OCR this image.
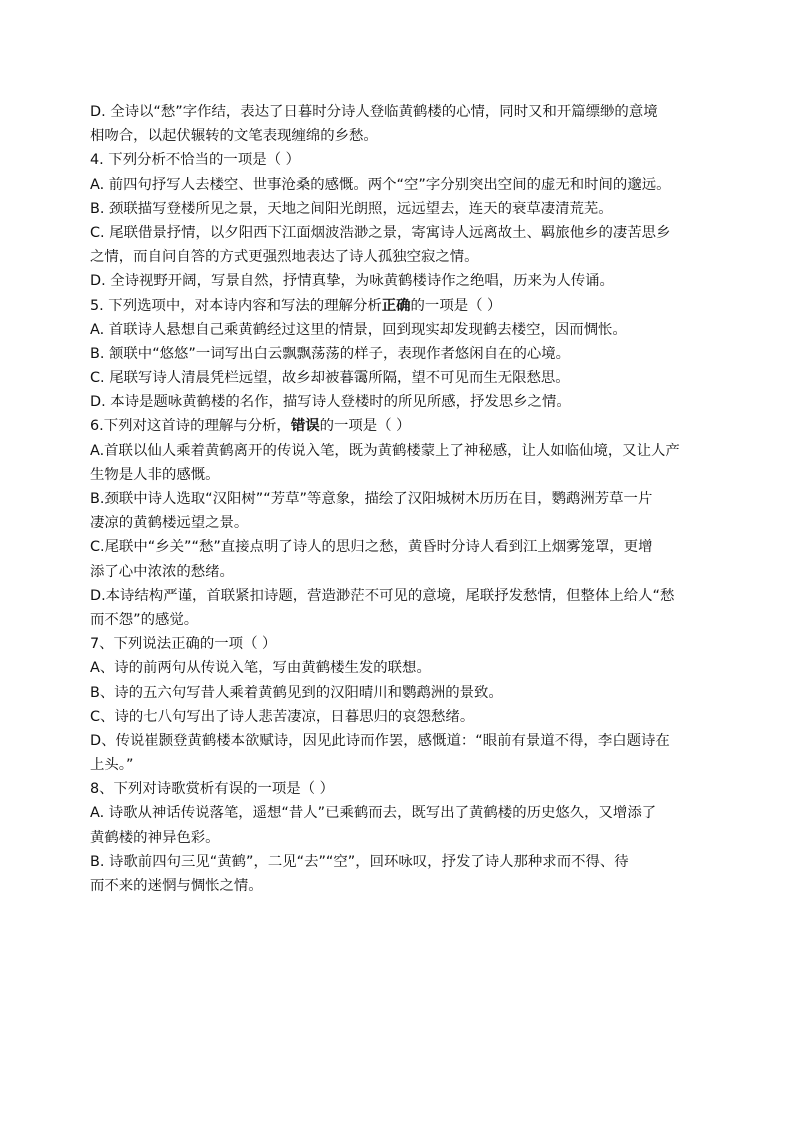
D. 全诗以“愁”字作结，表达了日暮时分诗人登临黄鹤楼的心情，同时又和开篇缥缈的意境
相吻合，以起伏辗转的文笔表现缠绵的乡愁。
4. 下列分析不恰当的一项是（ ）
A. 前四句抒写人去楼空、世事沧桑的感慨。两个“空”字分别突出空间的虚无和时间的邈远。
B. 颈联描写登楼所见之景，天地之间阳光朗照，远远望去，连天的衰草凄清荒芜。
C. 尾联借景抒情，以夕阳西下江面烟波浩渺之景，寄寓诗人远离故土、羁旅他乡的凄苦思乡
之情，而自问自答的方式更强烈地表达了诗人孤独空寂之情。
D. 全诗视野开阔，写景自然，抒情真挚，为咏黄鹤楼诗作之绝唱，历来为人传诵。
5. 下列选项中，对本诗内容和写法的理解分析正确的一项是（ ）
A. 首联诗人悬想自己乘黄鹤经过这里的情景，回到现实却发现鹤去楼空，因而惆怅。
B. 颔联中“悠悠”一词写出白云飘飘荡荡的样子，表现作者悠闲自在的心境。
C. 尾联写诗人清晨凭栏远望，故乡却被暮霭所隔，望不可见而生无限愁思。
D. 本诗是题咏黄鹤楼的名作，描写诗人登楼时的所见所感，抒发思乡之情。
6.下列对这首诗的理解与分析，错误的一项是（ ）
A.首联以仙人乘着黄鹤离开的传说入笔，既为黄鹤楼蒙上了神秘感，让人如临仙境，又让人产
生物是人非的感慨。
B.颈联中诗人选取“汉阳树”“芳草”等意象，描绘了汉阳城树木历历在目，鹦鹉洲芳草一片
凄凉的黄鹤楼远望之景。
C.尾联中“乡关”“愁”直接点明了诗人的思归之愁，黄昏时分诗人看到江上烟雾笼罩，更增
添了心中浓浓的愁绪。
D.本诗结构严谨，首联紧扣诗题，营造渺茫不可见的意境，尾联抒发愁情，但整体上给人“愁
而不怨”的感觉。
7、下列说法正确的一项（ ）
A、诗的前两句从传说入笔，写由黄鹤楼生发的联想。
B、诗的五六句写昔人乘着黄鹤见到的汉阳晴川和鹦鹉洲的景致。
C、诗的七八句写出了诗人悲苦凄凉，日暮思归的哀怨愁绪。
D、传说崔颢登黄鹤楼本欲赋诗，因见此诗而作罢，感慨道：“眼前有景道不得，李白题诗在
上头。”
8、下列对诗歌赏析有误的一项是（ ）
A. 诗歌从神话传说落笔，遥想“昔人”已乘鹤而去，既写出了黄鹤楼的历史悠久，又增添了
黄鹤楼的神异色彩。
B. 诗歌前四句三见“黄鹤”，二见“去”“空”，回环咏叹，抒发了诗人那种求而不得、待
而不来的迷惘与惆怅之情。
